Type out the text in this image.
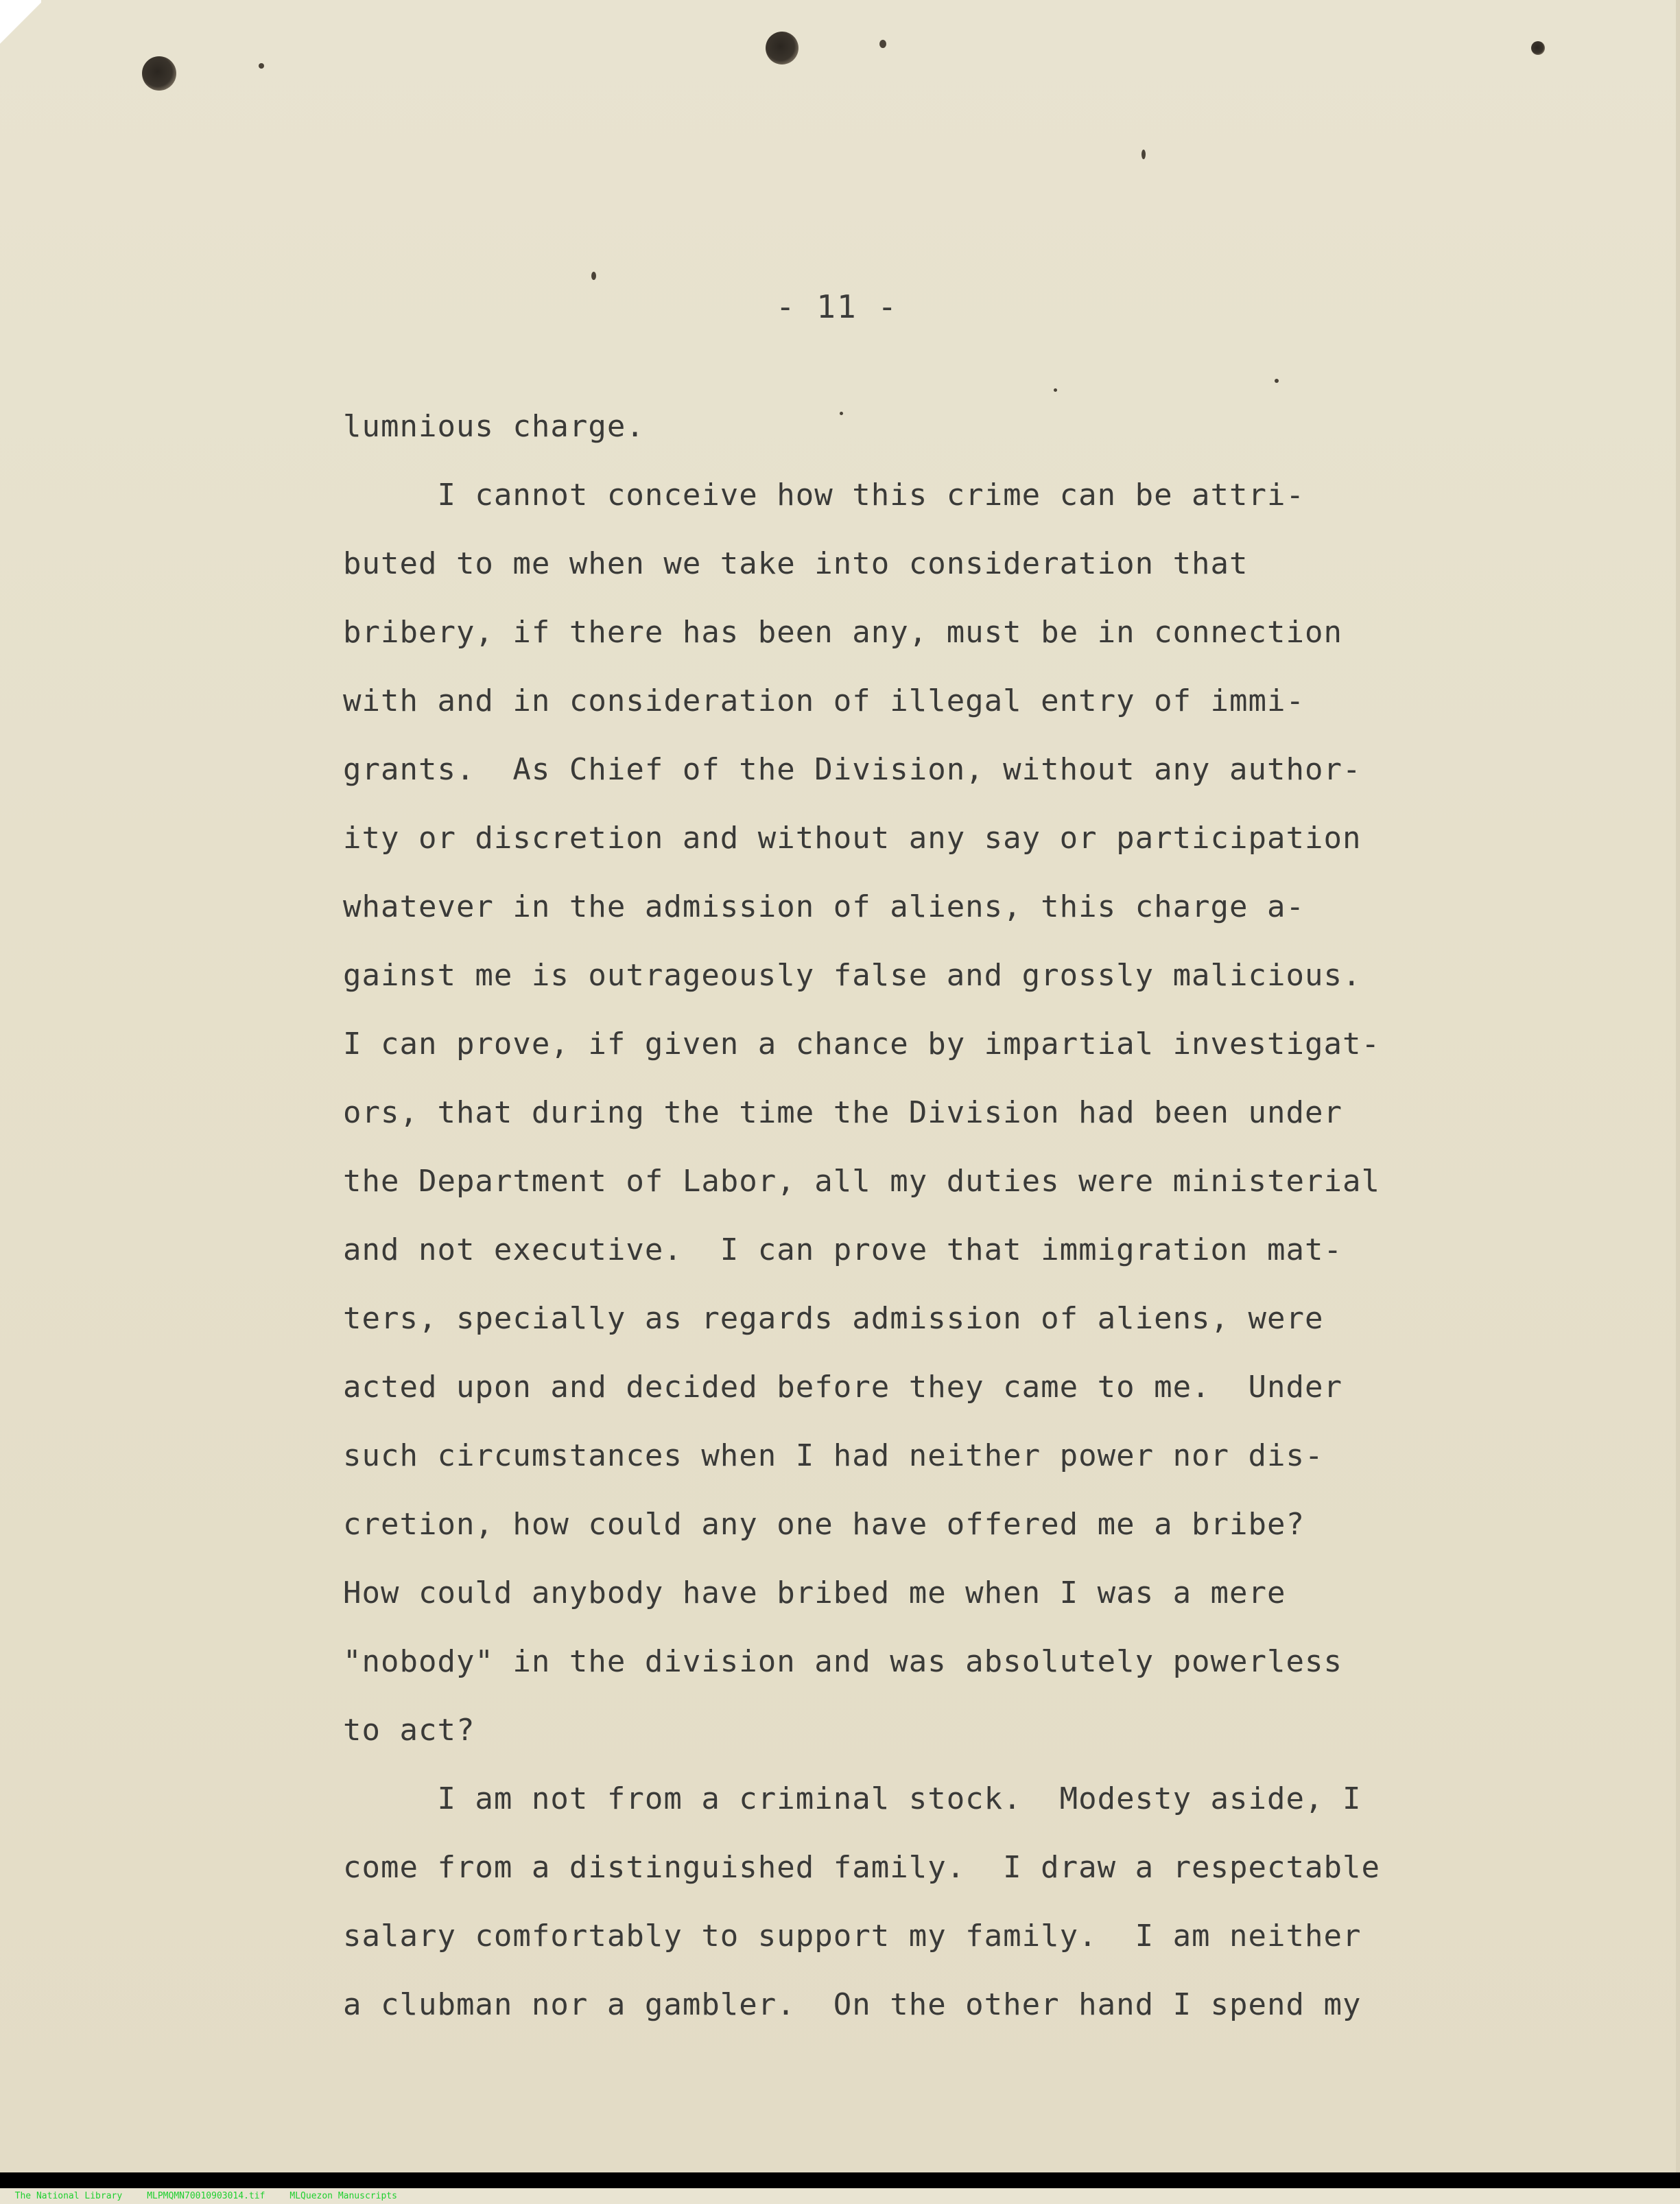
- 11 -
lumnious charge.
I cannot conceive how this crime can be attri-
buted to me when we take into consideration that
bribery, if there has been any, must be in connection
with and in consideration of illegal entry of immi-
grants.  As Chief of the Division, without any author-
ity or discretion and without any say or participation
whatever in the admission of aliens, this charge a-
gainst me is outrageously false and grossly malicious.
I can prove, if given a chance by impartial investigat-
ors, that during the time the Division had been under
the Department of Labor, all my duties were ministerial
and not executive.  I can prove that immigration mat-
ters, specially as regards admission of aliens, were
acted upon and decided before they came to me.  Under
such circumstances when I had neither power nor dis-
cretion, how could any one have offered me a bribe?
How could anybody have bribed me when I was a mere
"nobody" in the division and was absolutely powerless
to act?
I am not from a criminal stock.  Modesty aside, I
come from a distinguished family.  I draw a respectable
salary comfortably to support my family.  I am neither
a clubman nor a gambler.  On the other hand I spend my

The National Library	MLPMQMN70010903014.tif	MLQuezon Manuscripts
